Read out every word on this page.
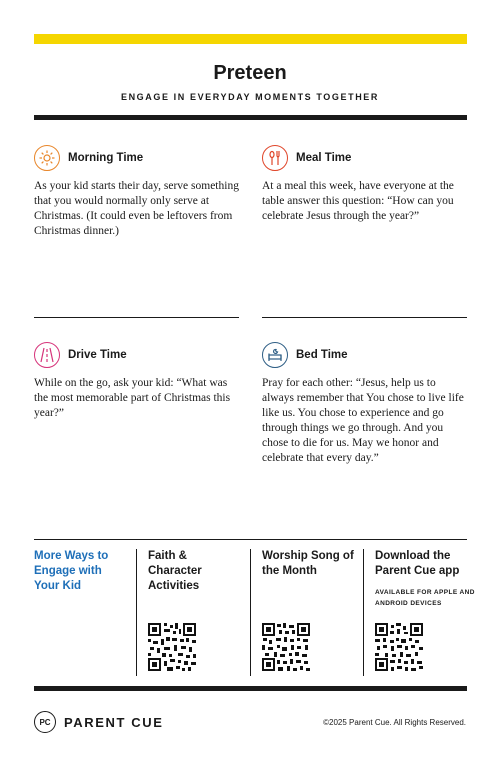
Preteen
ENGAGE IN EVERYDAY MOMENTS TOGETHER
Morning Time
As your kid starts their day, serve something that you would normally only serve at Christmas. (It could even be leftovers from Christmas dinner.)
Meal Time
At a meal this week, have everyone at the table answer this question: “How can you celebrate Jesus through the year?”
Drive Time
While on the go, ask your kid: “What was the most memorable part of Christmas this year?”
Bed Time
Pray for each other: “Jesus, help us to always remember that You chose to live life like us. You chose to experience and go through things we go through. And you chose to die for us. May we honor and celebrate that every day.”
More Ways to Engage with Your Kid
Faith & Character Activities
Worship Song of the Month
Download the Parent Cue app
AVAILABLE FOR APPLE AND ANDROID DEVICES
PC	PARENT CUE	©2025 Parent Cue. All Rights Reserved.
